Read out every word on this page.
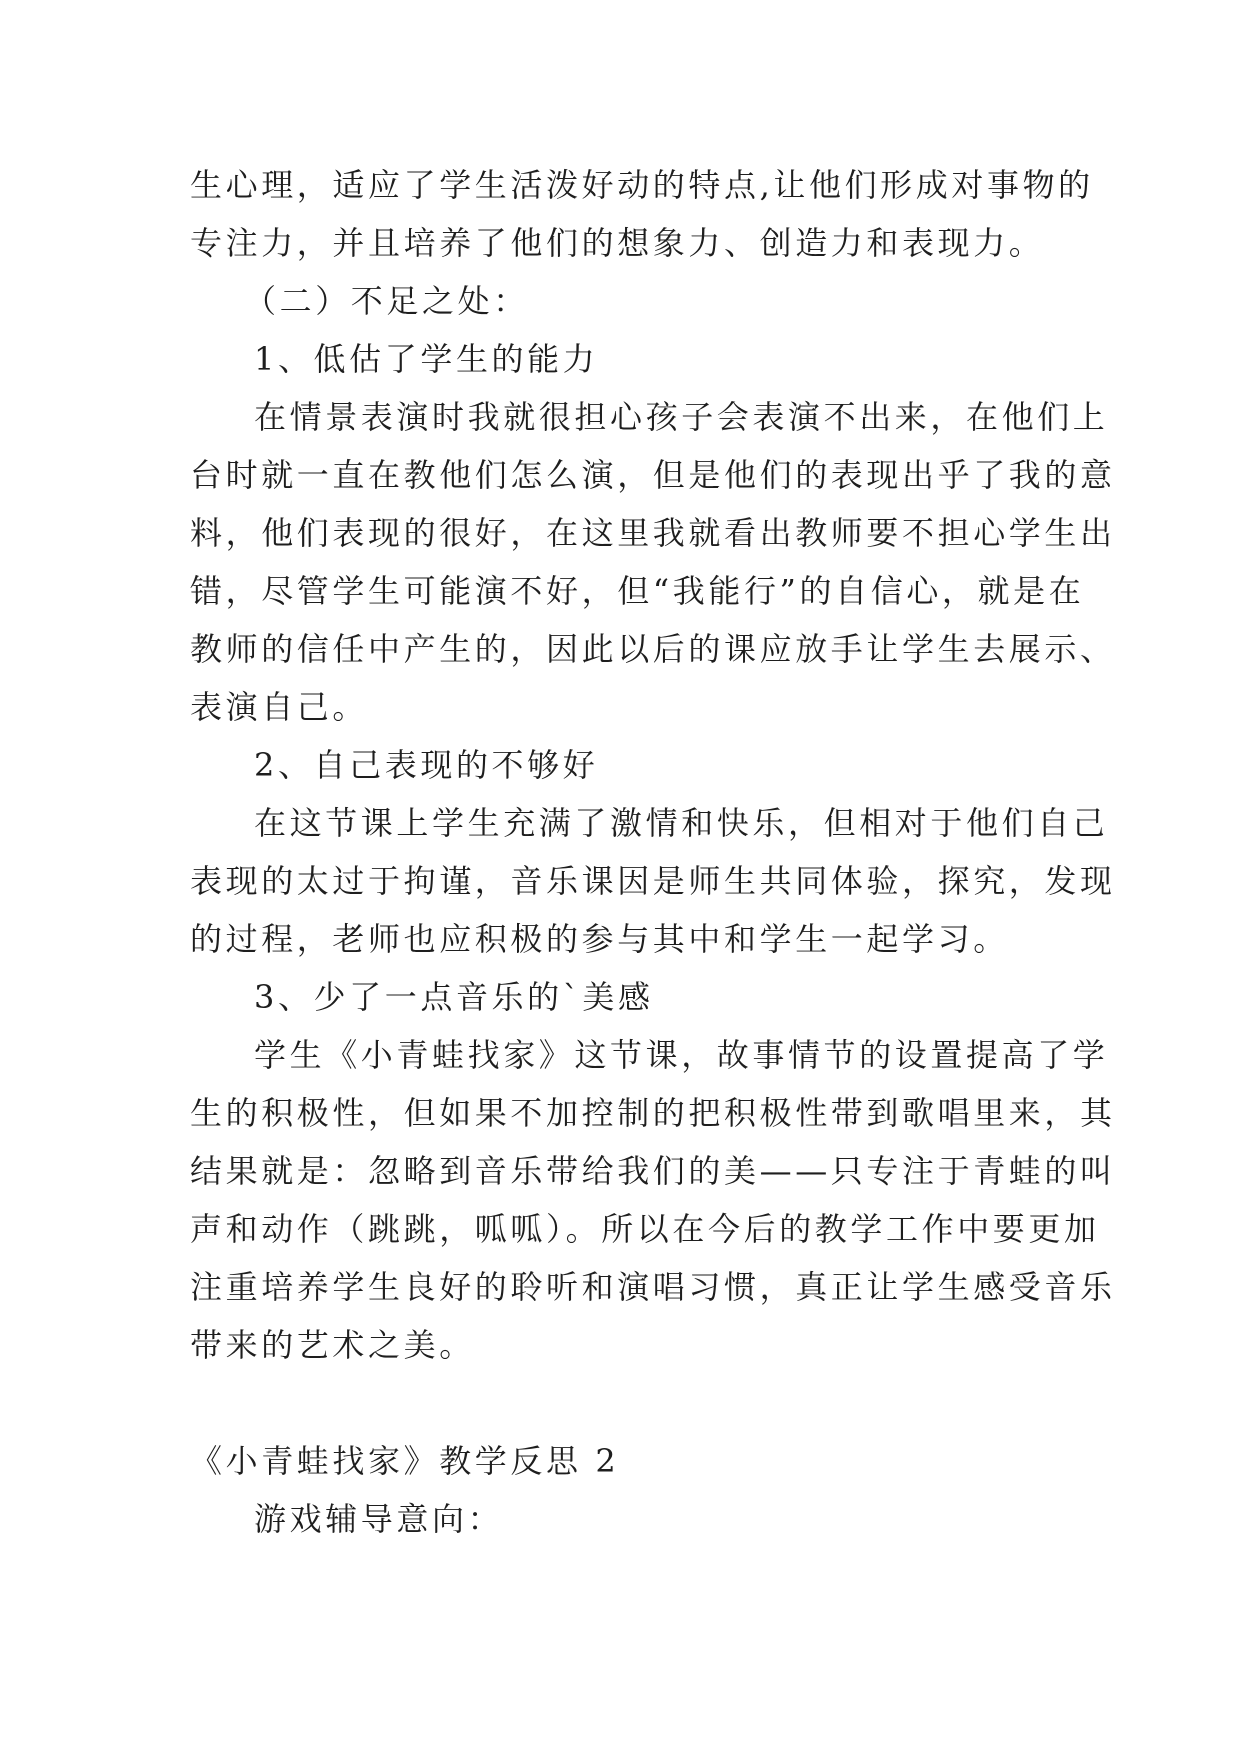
生心理，适应了学生活泼好动的特点,让他们形成对事物的
专注力，并且培养了他们的想象力、创造力和表现力。
（二）不足之处：
1、低估了学生的能力
在情景表演时我就很担心孩子会表演不出来，在他们上
台时就一直在教他们怎么演，但是他们的表现出乎了我的意
料，他们表现的很好，在这里我就看出教师要不担心学生出
错，尽管学生可能演不好，但“我能行”的自信心，就是在
教师的信任中产生的，因此以后的课应放手让学生去展示、
表演自己。
2、自己表现的不够好
在这节课上学生充满了激情和快乐，但相对于他们自己
表现的太过于拘谨，音乐课因是师生共同体验，探究，发现
的过程，老师也应积极的参与其中和学生一起学习。
3、少了一点音乐的`美感
学生《小青蛙找家》这节课，故事情节的设置提高了学
生的积极性，但如果不加控制的把积极性带到歌唱里来，其
结果就是：忽略到音乐带给我们的美——只专注于青蛙的叫
声和动作（跳跳，呱呱）。所以在今后的教学工作中要更加
注重培养学生良好的聆听和演唱习惯，真正让学生感受音乐
带来的艺术之美。
《小青蛙找家》教学反思 2
游戏辅导意向：
